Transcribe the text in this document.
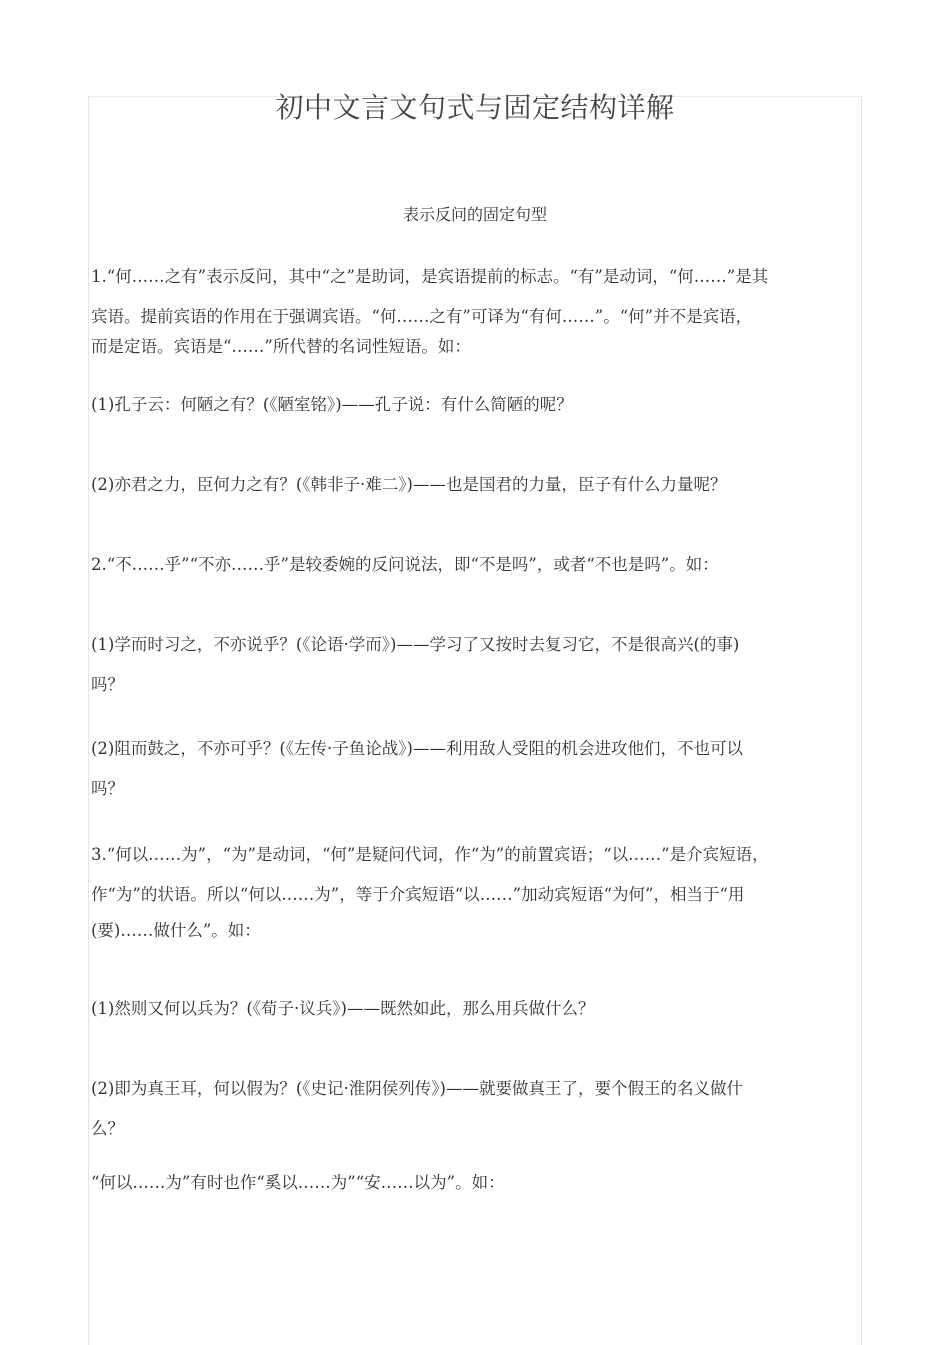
初中文言文句式与固定结构详解
表示反问的固定句型
1.“何……之有”表示反问，其中“之”是助词，是宾语提前的标志。“有”是动词，“何……”是其
宾语。提前宾语的作用在于强调宾语。“何……之有”可译为“有何……”。“何”并不是宾语，
而是定语。宾语是“……”所代替的名词性短语。如：
(1)孔子云：何陋之有？(《陋室铭》)——孔子说：有什么简陋的呢？
(2)亦君之力，臣何力之有？(《韩非子·难二》)——也是国君的力量，臣子有什么力量呢？
2.“不……乎”“不亦……乎”是较委婉的反问说法，即“不是吗”，或者“不也是吗”。如：
(1)学而时习之，不亦说乎？(《论语·学而》)——学习了又按时去复习它，不是很高兴(的事)
吗？
(2)阻而鼓之，不亦可乎？(《左传·子鱼论战》)——利用敌人受阻的机会进攻他们，不也可以
吗？
3.“何以……为”，“为”是动词，“何”是疑问代词，作“为”的前置宾语；“以……”是介宾短语，
作“为”的状语。所以“何以……为”，等于介宾短语“以……”加动宾短语“为何”，相当于“用
(要)……做什么”。如：
(1)然则又何以兵为？(《荀子·议兵》)——既然如此，那么用兵做什么？
(2)即为真王耳，何以假为？(《史记·淮阴侯列传》)——就要做真王了，要个假王的名义做什
么？
“何以……为”有时也作“奚以……为”“安……以为”。如：
